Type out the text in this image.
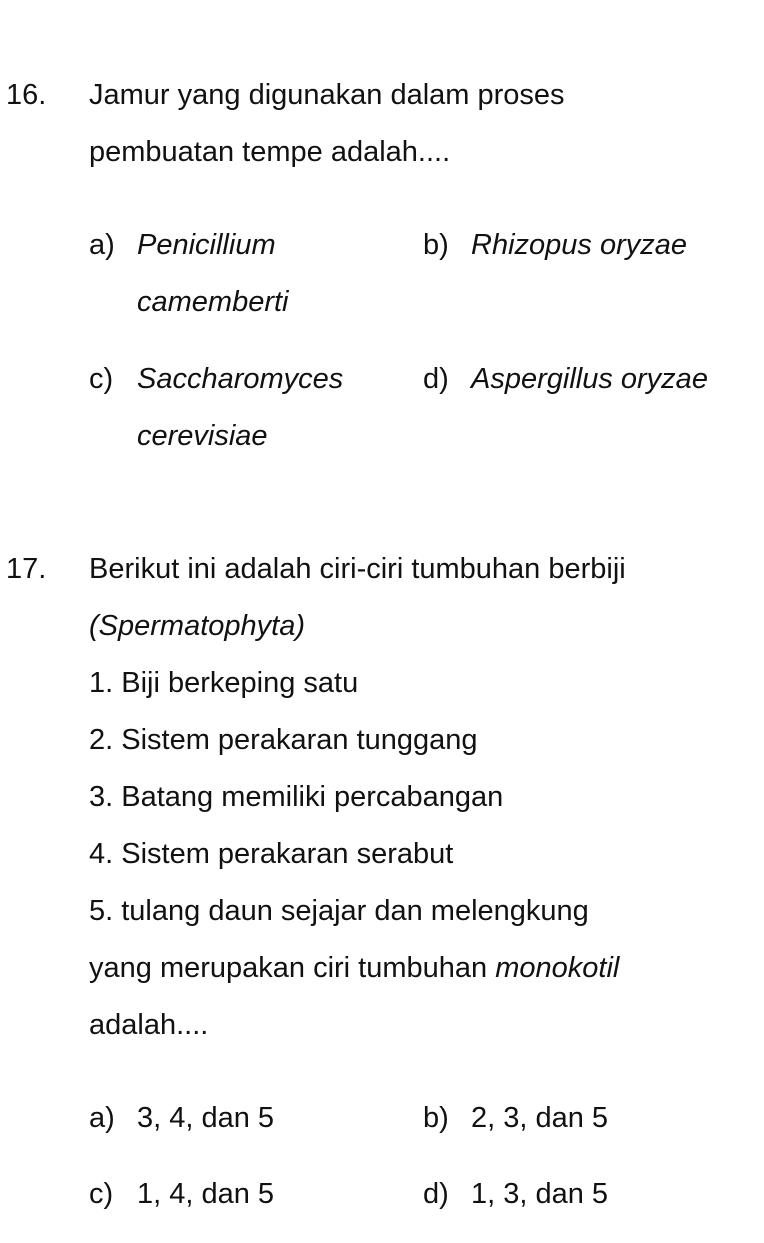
16. Jamur yang digunakan dalam proses
pembuatan tempe adalah....
a) Penicillium
camemberti
b) Rhizopus oryzae
c) Saccharomyces
cerevisiae
d) Aspergillus oryzae
17. Berikut ini adalah ciri-ciri tumbuhan berbiji
(Spermatophyta)
1. Biji berkeping satu
2. Sistem perakaran tunggang
3. Batang memiliki percabangan
4. Sistem perakaran serabut
5. tulang daun sejajar dan melengkung
yang merupakan ciri tumbuhan monokotil
adalah....
a) 3, 4, dan 5	b) 2, 3, dan 5
c) 1, 4, dan 5	d) 1, 3, dan 5
